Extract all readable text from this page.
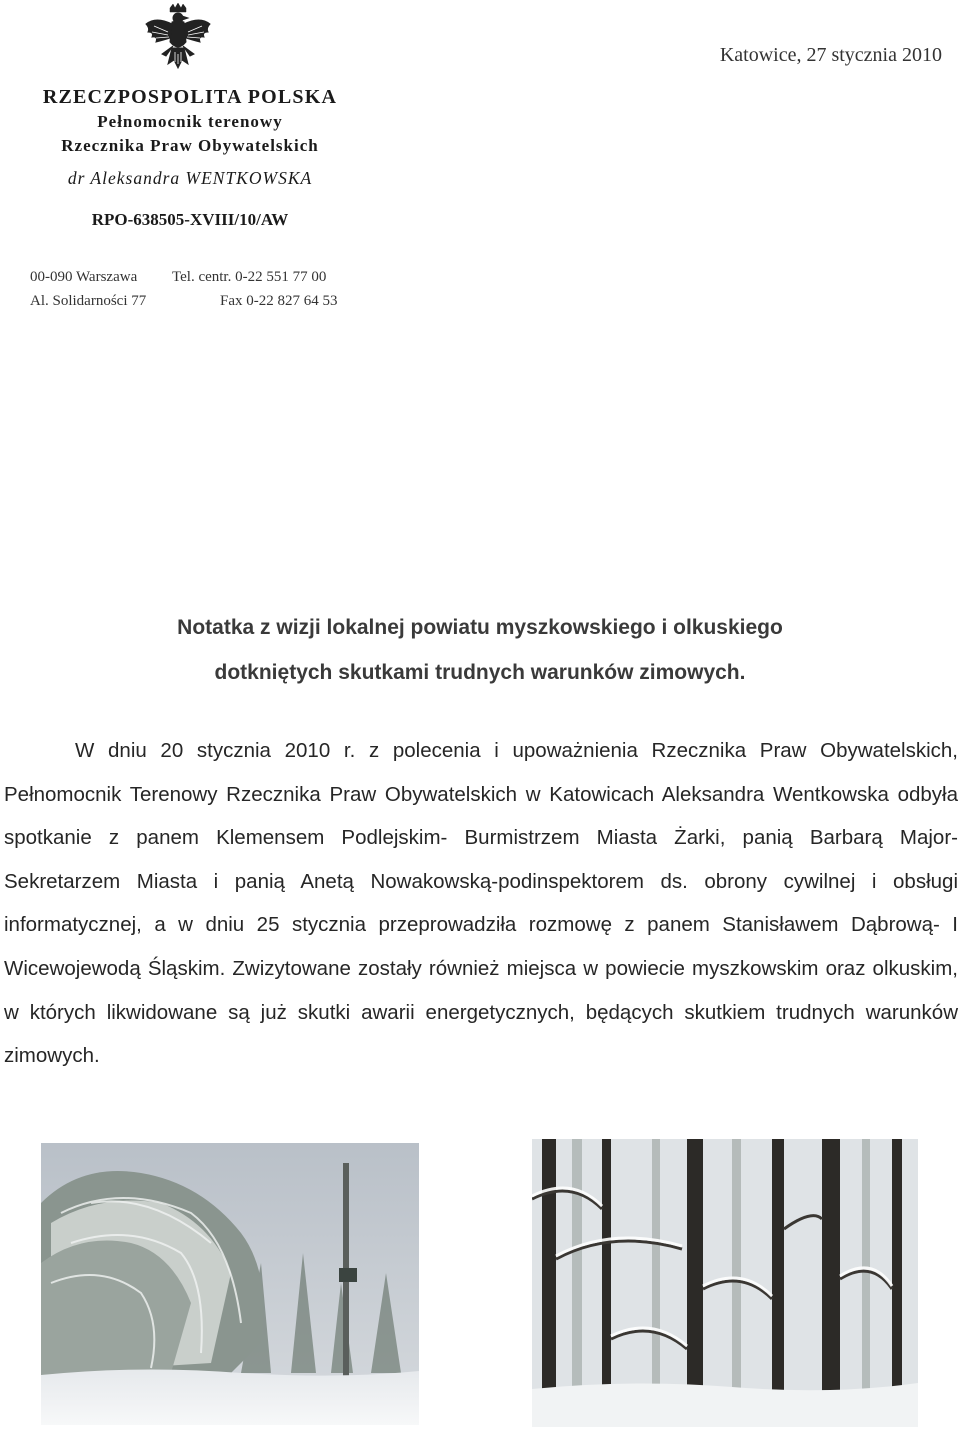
RZECZPOSPOLITA POLSKA
Pełnomocnik terenowy
Rzecznika Praw Obywatelskich
dr Aleksandra WENTKOWSKA
RPO-638505-XVIII/10/AW
00-090 Warszawa Tel. centr. 0-22 551 77 00
Al. Solidarności 77	Fax 0-22 827 64 53
Katowice, 27 stycznia 2010
Notatka z wizji lokalnej powiatu myszkowskiego i olkuskiego
dotkniętych skutkami trudnych warunków zimowych.
W dniu 20 stycznia 2010 r. z polecenia i upoważnienia Rzecznika Praw Obywatelskich, Pełnomocnik Terenowy Rzecznika Praw Obywatelskich w Katowicach Aleksandra Wentkowska odbyła spotkanie z panem Klemensem Podlejskim- Burmistrzem Miasta Żarki, panią Barbarą Major- Sekretarzem Miasta i panią Anetą Nowakowską-podinspektorem ds. obrony cywilnej i obsługi informatycznej, a w dniu 25 stycznia przeprowadziła rozmowę z panem Stanisławem Dąbrową- I Wicewojewodą Śląskim. Zwizytowane zostały również miejsca w powiecie myszkowskim oraz olkuskim, w których likwidowane są już skutki awarii energetycznych, będących skutkiem trudnych warunków zimowych.
